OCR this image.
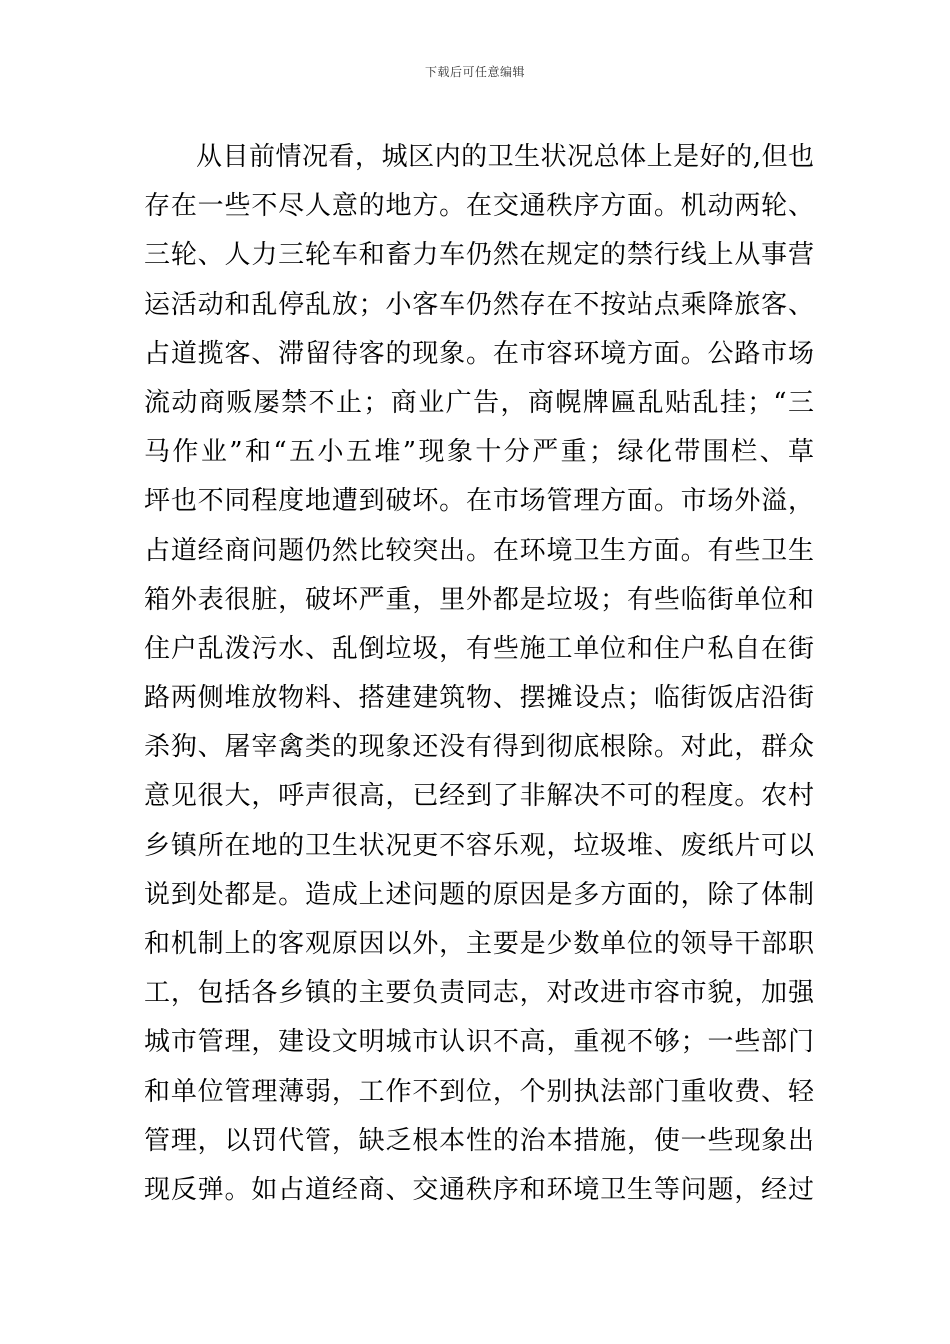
下载后可任意编辑
从目前情况看，城区内的卫生状况总体上是好的,但也
存在一些不尽人意的地方。在交通秩序方面。机动两轮、
三轮、人力三轮车和畜力车仍然在规定的禁行线上从事营
运活动和乱停乱放；小客车仍然存在不按站点乘降旅客、
占道揽客、滞留待客的现象。在市容环境方面。公路市场
流动商贩屡禁不止；商业广告，商幌牌匾乱贴乱挂；“三
马作业”和“五小五堆”现象十分严重；绿化带围栏、草
坪也不同程度地遭到破坏。在市场管理方面。市场外溢，
占道经商问题仍然比较突出。在环境卫生方面。有些卫生
箱外表很脏，破坏严重，里外都是垃圾；有些临街单位和
住户乱泼污水、乱倒垃圾，有些施工单位和住户私自在街
路两侧堆放物料、搭建建筑物、摆摊设点；临街饭店沿街
杀狗、屠宰禽类的现象还没有得到彻底根除。对此，群众
意见很大，呼声很高，已经到了非解决不可的程度。农村
乡镇所在地的卫生状况更不容乐观，垃圾堆、废纸片可以
说到处都是。造成上述问题的原因是多方面的，除了体制
和机制上的客观原因以外，主要是少数单位的领导干部职
工，包括各乡镇的主要负责同志，对改进市容市貌，加强
城市管理，建设文明城市认识不高，重视不够；一些部门
和单位管理薄弱，工作不到位，个别执法部门重收费、轻
管理，以罚代管，缺乏根本性的治本措施，使一些现象出
现反弹。如占道经商、交通秩序和环境卫生等问题，经过
